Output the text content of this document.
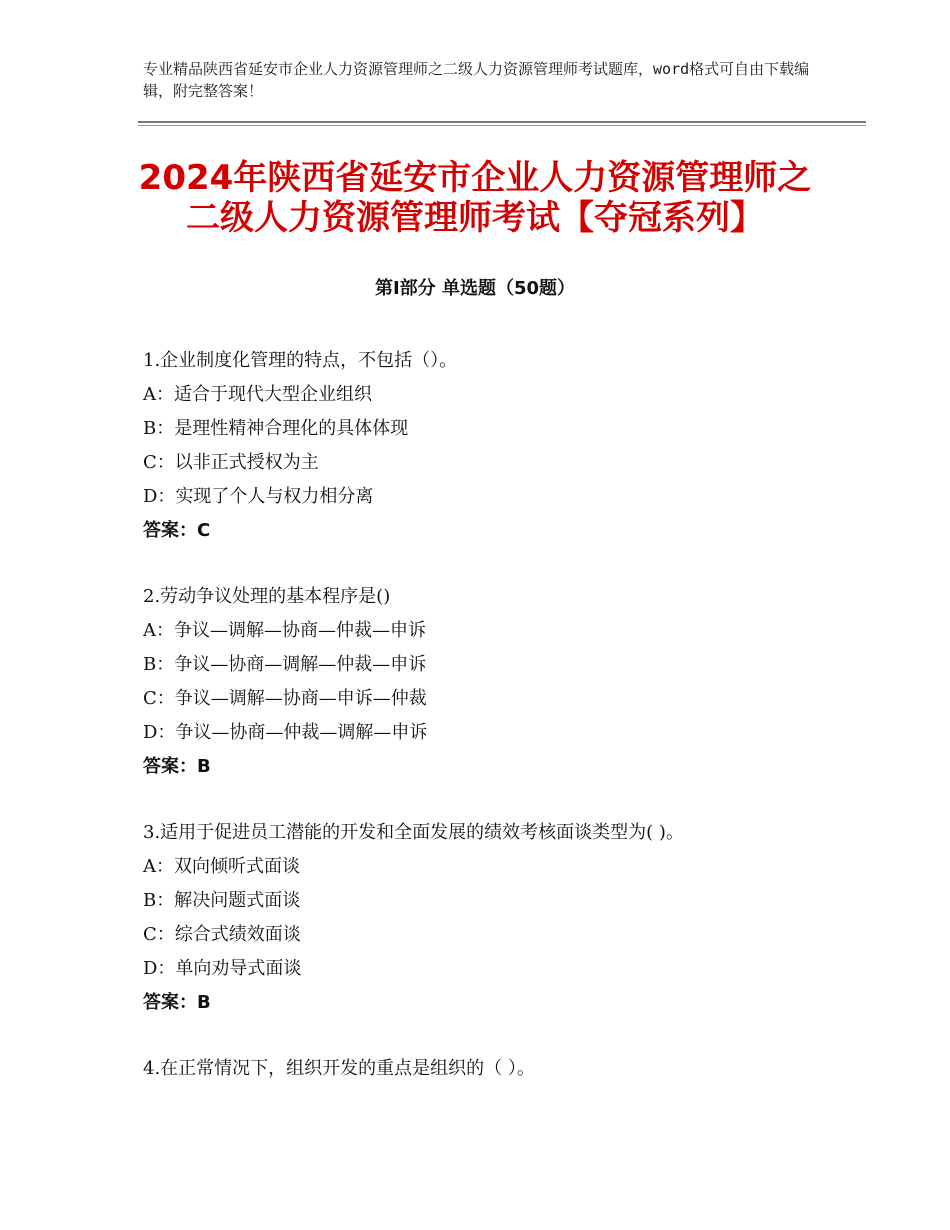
专业精品陕西省延安市企业人力资源管理师之二级人力资源管理师考试题库，word格式可自由下载编辑，附完整答案！
2024年陕西省延安市企业人力资源管理师之
二级人力资源管理师考试【夺冠系列】
第Ⅰ部分 单选题（50题）
1.企业制度化管理的特点，不包括（）。
A：适合于现代大型企业组织
B：是理性精神合理化的具体体现
C：以非正式授权为主
D：实现了个人与权力相分离
答案：C
2.劳动争议处理的基本程序是()
A：争议—调解—协商—仲裁—申诉
B：争议—协商—调解—仲裁—申诉
C：争议—调解—协商—申诉—仲裁
D：争议—协商—仲裁—调解—申诉
答案：B
3.适用于促进员工潜能的开发和全面发展的绩效考核面谈类型为( )。
A：双向倾听式面谈
B：解决问题式面谈
C：综合式绩效面谈
D：单向劝导式面谈
答案：B
4.在正常情况下，组织开发的重点是组织的（ ）。
